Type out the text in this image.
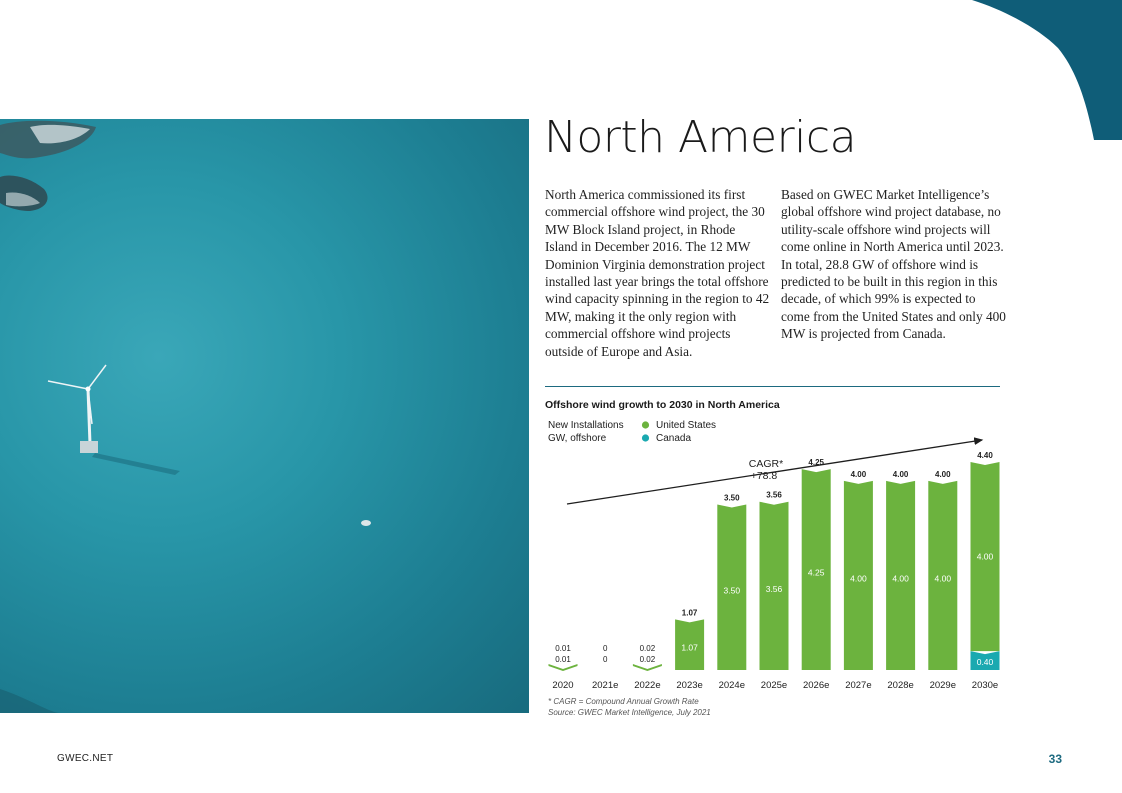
North America

North America commissioned its first commercial offshore wind project, the 30 MW Block Island project, in Rhode Island in December 2016. The 12 MW Dominion Virginia demonstration project installed last year brings the total offshore wind capacity spinning in the region to 42 MW, making it the only region with commercial offshore wind projects outside of Europe and Asia.

Based on GWEC Market Intelligence’s global offshore wind project database, no utility-scale offshore wind projects will come online in North America until 2023. In total, 28.8 GW of offshore wind is predicted to be built in this region in this decade, of which 99% is expected to come from the United States and only 400 MW is projected from Canada.

Offshore wind growth to 2030 in North America
New Installations
GW, offshore
United States
Canada
CAGR*
+78.8
0.01
0.01
2020
0
0
2021e
0.02
0.02
2022e
1.07
1.07
2023e
3.50
3.50
2024e
3.56
3.56
2025e
4.25
4.25
2026e
4.00
4.00
2027e
4.00
4.00
2028e
4.00
4.00
2029e
0.40
4.00
4.40
2030e
* CAGR = Compound Annual Growth Rate
Source: GWEC Market Intelligence, July 2021
GWEC.NET	33
